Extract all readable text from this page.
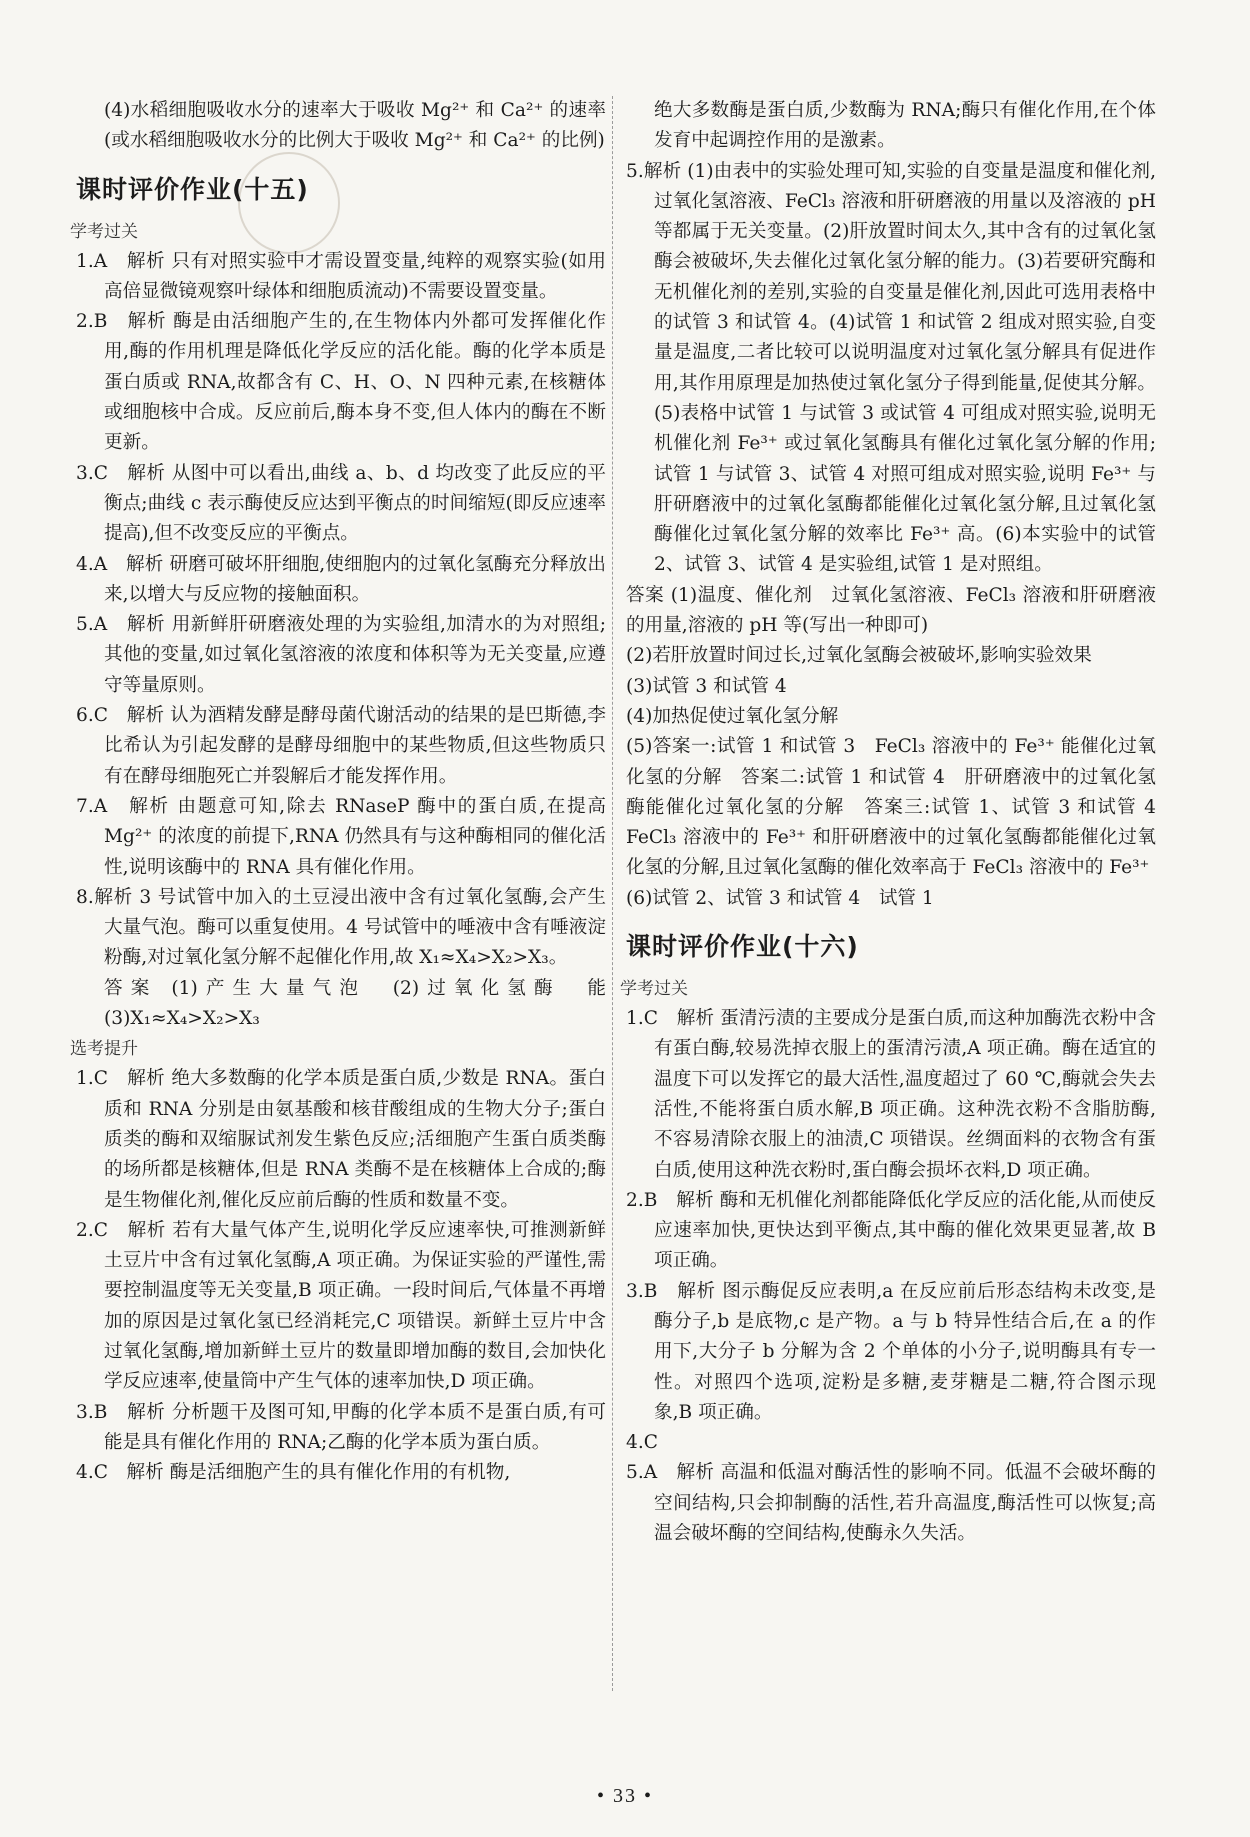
(4)水稻细胞吸收水分的速率大于吸收 Mg²⁺ 和 Ca²⁺ 的速率(或水稻细胞吸收水分的比例大于吸收 Mg²⁺ 和 Ca²⁺ 的比例)

课时评价作业(十五)

学考过关

1.A　解析 只有对照实验中才需设置变量,纯粹的观察实验(如用高倍显微镜观察叶绿体和细胞质流动)不需要设置变量。

2.B　解析 酶是由活细胞产生的,在生物体内外都可发挥催化作用,酶的作用机理是降低化学反应的活化能。酶的化学本质是蛋白质或 RNA,故都含有 C、H、O、N 四种元素,在核糖体或细胞核中合成。反应前后,酶本身不变,但人体内的酶在不断更新。

3.C　解析 从图中可以看出,曲线 a、b、d 均改变了此反应的平衡点;曲线 c 表示酶使反应达到平衡点的时间缩短(即反应速率提高),但不改变反应的平衡点。

4.A　解析 研磨可破坏肝细胞,使细胞内的过氧化氢酶充分释放出来,以增大与反应物的接触面积。

5.A　解析 用新鲜肝研磨液处理的为实验组,加清水的为对照组;其他的变量,如过氧化氢溶液的浓度和体积等为无关变量,应遵守等量原则。

6.C　解析 认为酒精发酵是酵母菌代谢活动的结果的是巴斯德,李比希认为引起发酵的是酵母细胞中的某些物质,但这些物质只有在酵母细胞死亡并裂解后才能发挥作用。

7.A　解析 由题意可知,除去 RNaseP 酶中的蛋白质,在提高 Mg²⁺ 的浓度的前提下,RNA 仍然具有与这种酶相同的催化活性,说明该酶中的 RNA 具有催化作用。

8.解析 3 号试管中加入的土豆浸出液中含有过氧化氢酶,会产生大量气泡。酶可以重复使用。4 号试管中的唾液中含有唾液淀粉酶,对过氧化氢分解不起催化作用,故 X₁≈X₄>X₂>X₃。

答案 (1)产生大量气泡　(2)过氧化氢酶　能　(3)X₁≈X₄>X₂>X₃

选考提升

1.C　解析 绝大多数酶的化学本质是蛋白质,少数是 RNA。蛋白质和 RNA 分别是由氨基酸和核苷酸组成的生物大分子;蛋白质类的酶和双缩脲试剂发生紫色反应;活细胞产生蛋白质类酶的场所都是核糖体,但是 RNA 类酶不是在核糖体上合成的;酶是生物催化剂,催化反应前后酶的性质和数量不变。

2.C　解析 若有大量气体产生,说明化学反应速率快,可推测新鲜土豆片中含有过氧化氢酶,A 项正确。为保证实验的严谨性,需要控制温度等无关变量,B 项正确。一段时间后,气体量不再增加的原因是过氧化氢已经消耗完,C 项错误。新鲜土豆片中含过氧化氢酶,增加新鲜土豆片的数量即增加酶的数目,会加快化学反应速率,使量筒中产生气体的速率加快,D 项正确。

3.B　解析 分析题干及图可知,甲酶的化学本质不是蛋白质,有可能是具有催化作用的 RNA;乙酶的化学本质为蛋白质。

4.C　解析 酶是活细胞产生的具有催化作用的有机物,

绝大多数酶是蛋白质,少数酶为 RNA;酶只有催化作用,在个体发育中起调控作用的是激素。

5.解析 (1)由表中的实验处理可知,实验的自变量是温度和催化剂,过氧化氢溶液、FeCl₃ 溶液和肝研磨液的用量以及溶液的 pH 等都属于无关变量。(2)肝放置时间太久,其中含有的过氧化氢酶会被破坏,失去催化过氧化氢分解的能力。(3)若要研究酶和无机催化剂的差别,实验的自变量是催化剂,因此可选用表格中的试管 3 和试管 4。(4)试管 1 和试管 2 组成对照实验,自变量是温度,二者比较可以说明温度对过氧化氢分解具有促进作用,其作用原理是加热使过氧化氢分子得到能量,促使其分解。(5)表格中试管 1 与试管 3 或试管 4 可组成对照实验,说明无机催化剂 Fe³⁺ 或过氧化氢酶具有催化过氧化氢分解的作用;试管 1 与试管 3、试管 4 对照可组成对照实验,说明 Fe³⁺ 与肝研磨液中的过氧化氢酶都能催化过氧化氢分解,且过氧化氢酶催化过氧化氢分解的效率比 Fe³⁺ 高。(6)本实验中的试管 2、试管 3、试管 4 是实验组,试管 1 是对照组。

答案 (1)温度、催化剂　过氧化氢溶液、FeCl₃ 溶液和肝研磨液的用量,溶液的 pH 等(写出一种即可)

(2)若肝放置时间过长,过氧化氢酶会被破坏,影响实验效果

(3)试管 3 和试管 4

(4)加热促使过氧化氢分解

(5)答案一:试管 1 和试管 3　FeCl₃ 溶液中的 Fe³⁺ 能催化过氧化氢的分解　答案二:试管 1 和试管 4　肝研磨液中的过氧化氢酶能催化过氧化氢的分解　答案三:试管 1、试管 3 和试管 4　FeCl₃ 溶液中的 Fe³⁺ 和肝研磨液中的过氧化氢酶都能催化过氧化氢的分解,且过氧化氢酶的催化效率高于 FeCl₃ 溶液中的 Fe³⁺

(6)试管 2、试管 3 和试管 4　试管 1

课时评价作业(十六)

学考过关

1.C　解析 蛋清污渍的主要成分是蛋白质,而这种加酶洗衣粉中含有蛋白酶,较易洗掉衣服上的蛋清污渍,A 项正确。酶在适宜的温度下可以发挥它的最大活性,温度超过了 60 ℃,酶就会失去活性,不能将蛋白质水解,B 项正确。这种洗衣粉不含脂肪酶,不容易清除衣服上的油渍,C 项错误。丝绸面料的衣物含有蛋白质,使用这种洗衣粉时,蛋白酶会损坏衣料,D 项正确。

2.B　解析 酶和无机催化剂都能降低化学反应的活化能,从而使反应速率加快,更快达到平衡点,其中酶的催化效果更显著,故 B 项正确。

3.B　解析 图示酶促反应表明,a 在反应前后形态结构未改变,是酶分子,b 是底物,c 是产物。a 与 b 特异性结合后,在 a 的作用下,大分子 b 分解为含 2 个单体的小分子,说明酶具有专一性。对照四个选项,淀粉是多糖,麦芽糖是二糖,符合图示现象,B 项正确。

4.C

5.A　解析 高温和低温对酶活性的影响不同。低温不会破坏酶的空间结构,只会抑制酶的活性,若升高温度,酶活性可以恢复;高温会破坏酶的空间结构,使酶永久失活。

• 33 •
